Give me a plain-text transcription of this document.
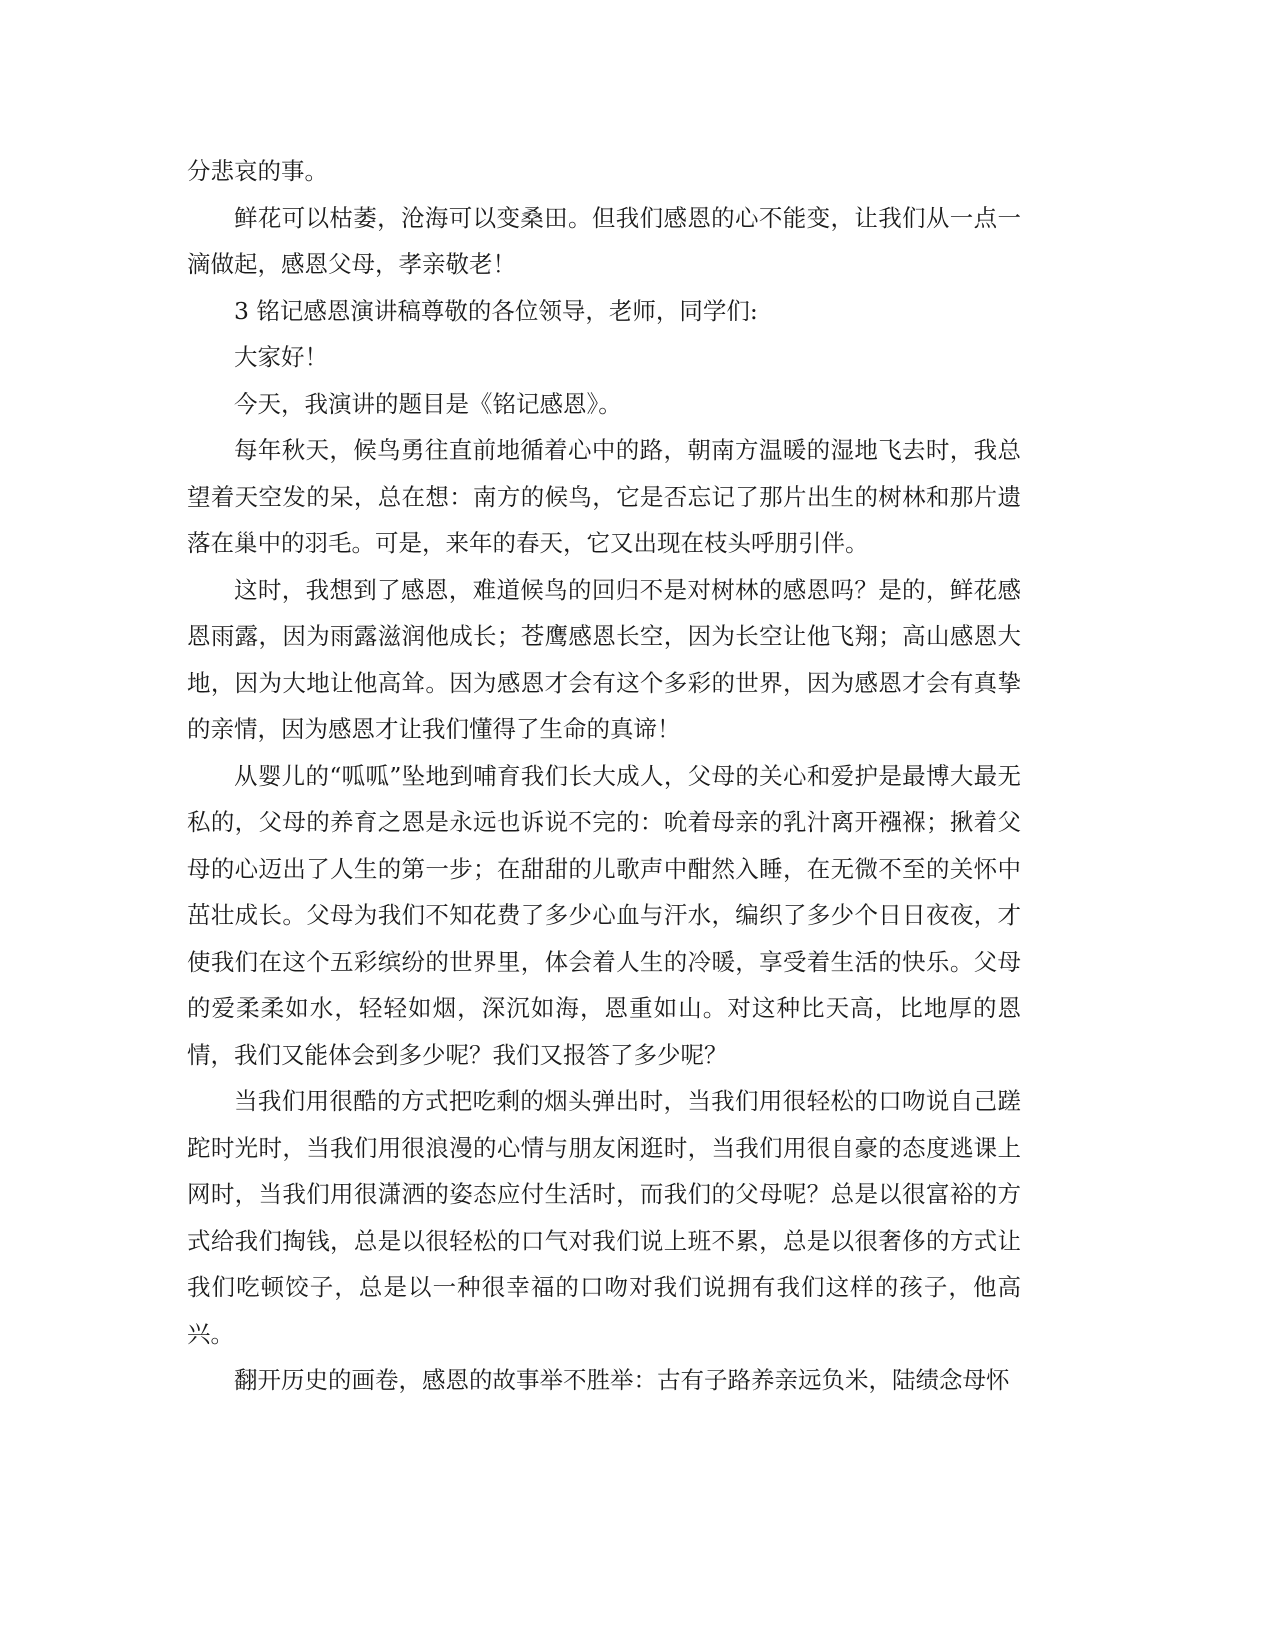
分悲哀的事。

鲜花可以枯萎，沧海可以变桑田。但我们感恩的心不能变，让我们从一点一滴做起，感恩父母，孝亲敬老！

3 铭记感恩演讲稿尊敬的各位领导，老师，同学们:

大家好！

今天，我演讲的题目是《铭记感恩》。

每年秋天，候鸟勇往直前地循着心中的路，朝南方温暖的湿地飞去时，我总望着天空发的呆，总在想：南方的候鸟，它是否忘记了那片出生的树林和那片遗落在巢中的羽毛。可是，来年的春天，它又出现在枝头呼朋引伴。

这时，我想到了感恩，难道候鸟的回归不是对树林的感恩吗？是的，鲜花感恩雨露，因为雨露滋润他成长；苍鹰感恩长空，因为长空让他飞翔；高山感恩大地，因为大地让他高耸。因为感恩才会有这个多彩的世界，因为感恩才会有真挚的亲情，因为感恩才让我们懂得了生命的真谛！

从婴儿的“呱呱”坠地到哺育我们长大成人，父母的关心和爱护是最博大最无私的，父母的养育之恩是永远也诉说不完的：吮着母亲的乳汁离开襁褓；揪着父母的心迈出了人生的第一步；在甜甜的儿歌声中酣然入睡，在无微不至的关怀中茁壮成长。父母为我们不知花费了多少心血与汗水，编织了多少个日日夜夜，才使我们在这个五彩缤纷的世界里，体会着人生的冷暖，享受着生活的快乐。父母的爱柔柔如水，轻轻如烟，深沉如海，恩重如山。对这种比天高，比地厚的恩情，我们又能体会到多少呢？我们又报答了多少呢？

当我们用很酷的方式把吃剩的烟头弹出时，当我们用很轻松的口吻说自己蹉跎时光时，当我们用很浪漫的心情与朋友闲逛时，当我们用很自豪的态度逃课上网时，当我们用很潇洒的姿态应付生活时，而我们的父母呢？总是以很富裕的方式给我们掏钱，总是以很轻松的口气对我们说上班不累，总是以很奢侈的方式让我们吃顿饺子，总是以一种很幸福的口吻对我们说拥有我们这样的孩子，他高兴。

翻开历史的画卷，感恩的故事举不胜举：古有子路养亲远负米，陆绩念母怀
